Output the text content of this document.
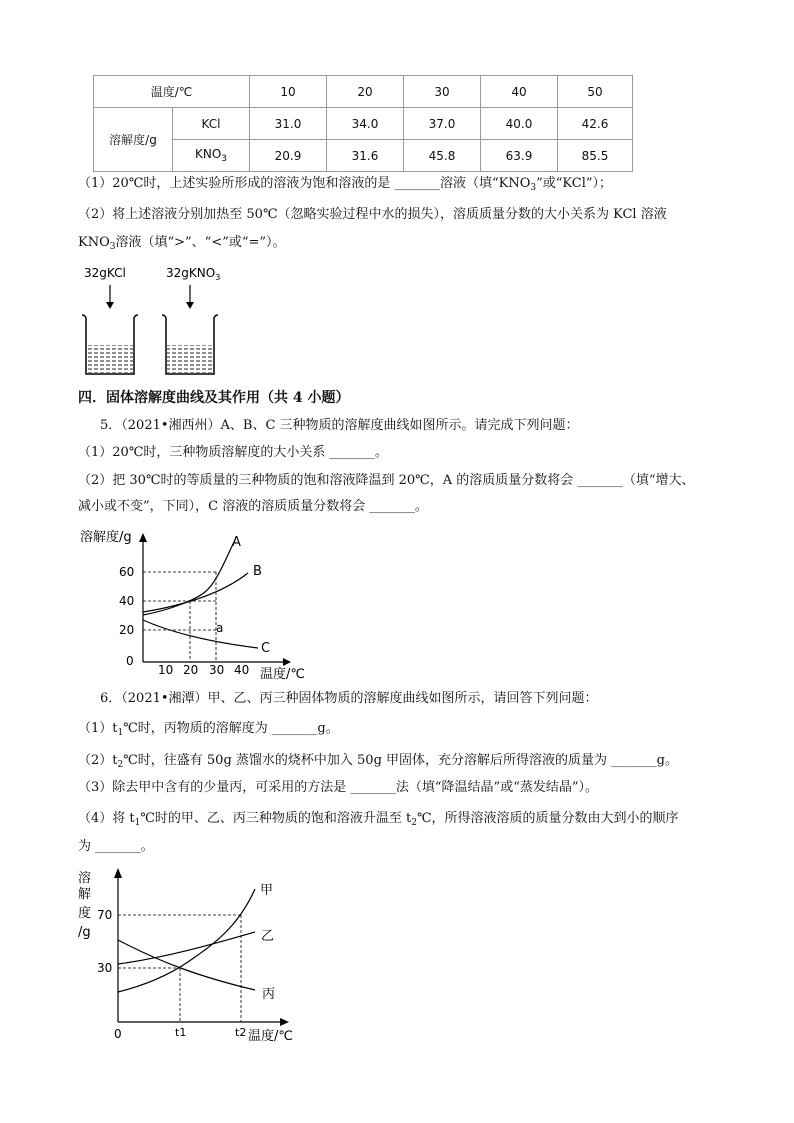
温度/℃		10	20	30	40	50
溶解度/g	KCl	31.0	34.0	37.0	40.0	42.6
	$KNO_3$	20.9	31.6	45.8	63.9	85.5
（1）20℃时，上述实验所形成的溶液为饱和溶液的是 _______溶液（填“$KNO_3$”或“KCl”）；
（2）将上述溶液分别加热至 50℃（忽略实验过程中水的损失），溶质质量分数的大小关系为 KCl 溶液
$KNO_3$溶液（填“>”、“<”或“=”）。
32gKCl	32gKNO$_3$
四．固体溶解度曲线及其作用（共 4 小题）
5．（2021•湘西州）A、B、C 三种物质的溶解度曲线如图所示。请完成下列问题：
（1）20℃时，三种物质溶解度的大小关系 _______。
（2）把 30℃时的等质量的三种物质的饱和溶液降温到 20℃，A 的溶质质量分数将会 _______（填“增大、
减小或不变”，下同），C 溶液的溶质质量分数将会 _______。
溶解度/g
温度/℃
0
20
40
60
10 20 30 40
A
B
C
a
6．（2021•湘潭）甲、乙、丙三种固体物质的溶解度曲线如图所示，请回答下列问题：
$(1)t_1℃$时，丙物质的溶解度为 _______g。
$(2)t_2℃$时，往盛有 50g 蒸馏水的烧杯中加入 50g 甲固体，充分溶解后所得溶液的质量为 _______g。
（3）除去甲中含有的少量丙，可采用的方法是 _______法（填“降温结晶”或“蒸发结晶”）。
（4）将 $t_1℃$时的甲、乙、丙三种物质的饱和溶液升温至 $t_2℃$，所得溶液溶质的质量分数由大到小的顺序
为 _______。
溶
解
度
/g
温度/℃
0
70
30
t1	t2
甲
乙
丙
